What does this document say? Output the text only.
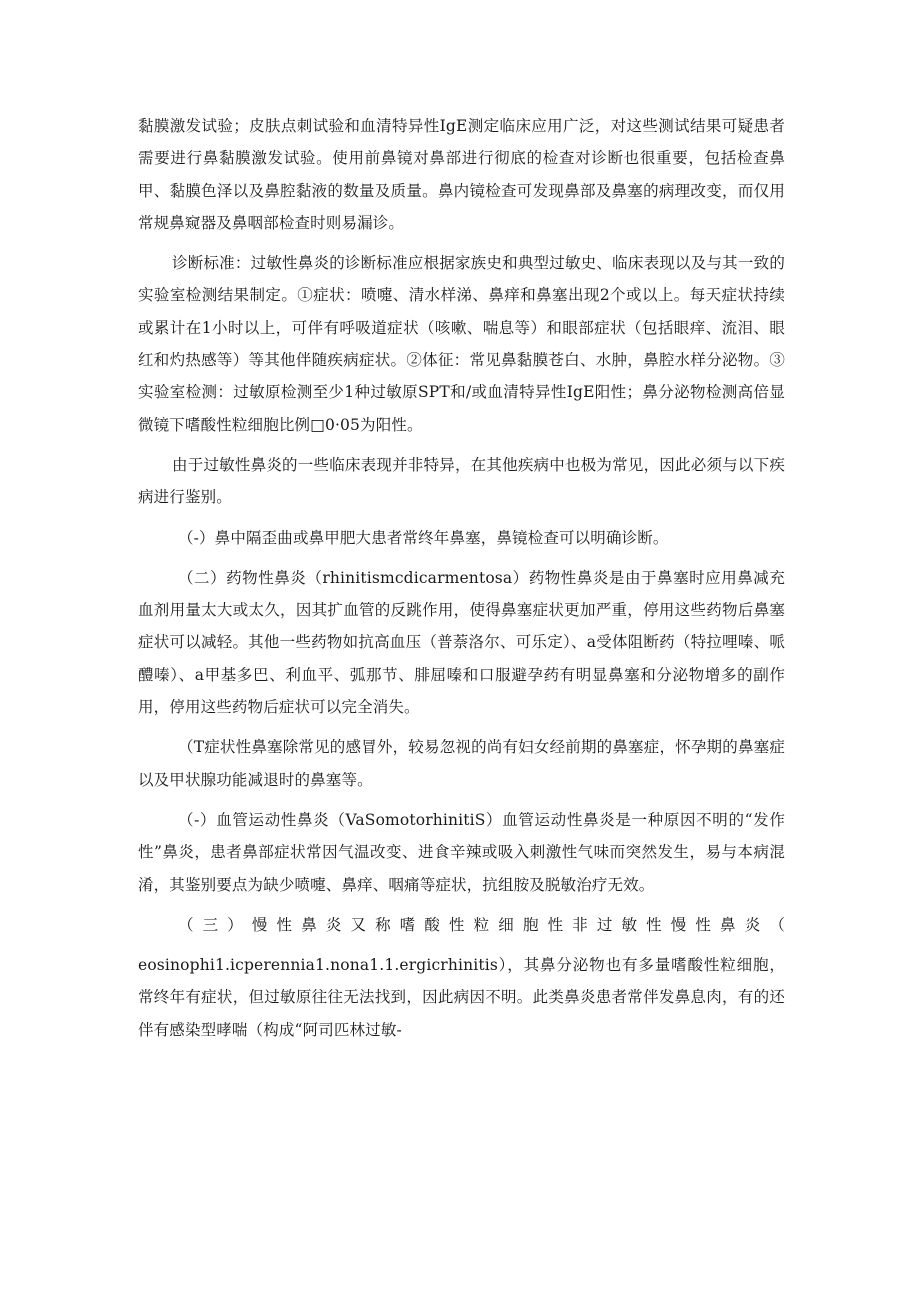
黏膜激发试验；皮肤点刺试验和血清特异性IgE测定临床应用广泛，对这些测试结果可疑患者需要进行鼻黏膜激发试验。使用前鼻镜对鼻部进行彻底的检查对诊断也很重要，包括检查鼻甲、黏膜色泽以及鼻腔黏液的数量及质量。鼻内镜检查可发现鼻部及鼻塞的病理改变，而仅用常规鼻窥器及鼻咽部检查时则易漏诊。

诊断标准：过敏性鼻炎的诊断标准应根据家族史和典型过敏史、临床表现以及与其一致的实验室检测结果制定。①症状：喷嚏、清水样涕、鼻痒和鼻塞出现2个或以上。每天症状持续或累计在1小时以上，可伴有呼吸道症状（咳嗽、喘息等）和眼部症状（包括眼痒、流泪、眼红和灼热感等）等其他伴随疾病症状。②体征：常见鼻黏膜苍白、水肿，鼻腔水样分泌物。③实验室检测：过敏原检测至少1种过敏原SPT和/或血清特异性IgE阳性；鼻分泌物检测高倍显微镜下嗜酸性粒细胞比例□0·05为阳性。

由于过敏性鼻炎的一些临床表现并非特异，在其他疾病中也极为常见，因此必须与以下疾病进行鉴别。

（-）鼻中隔歪曲或鼻甲肥大患者常终年鼻塞，鼻镜检查可以明确诊断。

（二）药物性鼻炎（rhinitismcdicarmentosa）药物性鼻炎是由于鼻塞时应用鼻减充血剂用量太大或太久，因其扩血管的反跳作用，使得鼻塞症状更加严重，停用这些药物后鼻塞症状可以减轻。其他一些药物如抗高血压（普萘洛尔、可乐定）、a受体阻断药（特拉哩嗪、哌醴嗪）、a甲基多巴、利血平、弧那节、腓屈嗪和口服避孕药有明显鼻塞和分泌物增多的副作用，停用这些药物后症状可以完全消失。

（T症状性鼻塞除常见的感冒外，较易忽视的尚有妇女经前期的鼻塞症，怀孕期的鼻塞症以及甲状腺功能减退时的鼻塞等。

（-）血管运动性鼻炎（VaSomotorhinitiS）血管运动性鼻炎是一种原因不明的“发作性”鼻炎，患者鼻部症状常因气温改变、进食辛辣或吸入刺激性气味而突然发生，易与本病混淆，其鉴别要点为缺少喷嚏、鼻痒、咽痛等症状，抗组胺及脱敏治疗无效。

（三）慢性鼻炎又称嗜酸性粒细胞性非过敏性慢性鼻炎（

eosinophi1.icperennia1.nona1.1.ergicrhinitis），其鼻分泌物也有多量嗜酸性粒细胞，常终年有症状，但过敏原往往无法找到，因此病因不明。此类鼻炎患者常伴发鼻息肉，有的还伴有感染型哮喘（构成“阿司匹林过敏-
